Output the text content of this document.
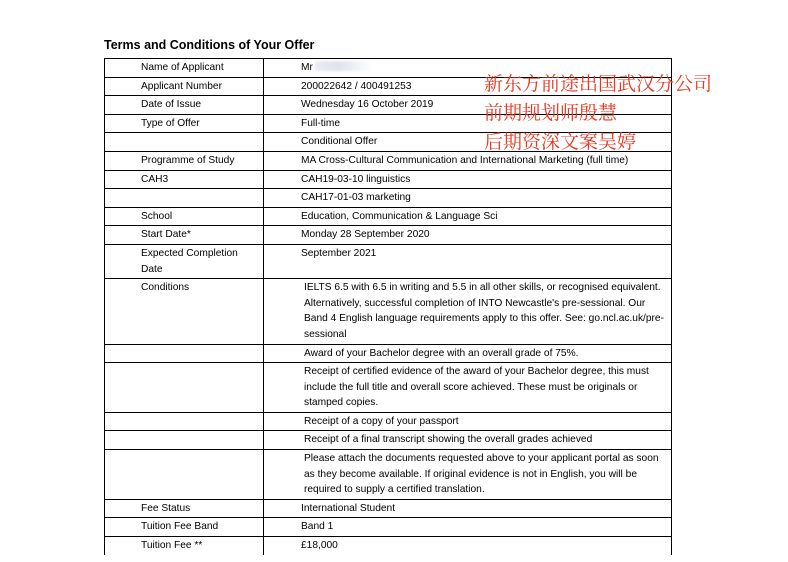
Terms and Conditions of Your Offer
Name of Applicant	Mr
Applicant Number	200022642 / 400491253
Date of Issue	Wednesday 16 October 2019
Type of Offer	Full-time
	Conditional Offer
Programme of Study	MA Cross-Cultural Communication and International Marketing (full time)
CAH3	CAH19-03-10 linguistics
	CAH17-01-03 marketing
School	Education, Communication & Language Sci
Start Date*	Monday 28 September 2020
Expected Completion Date	September 2021
Conditions	IELTS 6.5 with 6.5 in writing and 5.5 in all other skills, or recognised equivalent. Alternatively, successful completion of INTO Newcastle's pre-sessional. Our Band 4 English language requirements apply to this offer. See: go.ncl.ac.uk/pre-sessional
	Award of your Bachelor degree with an overall grade of 75%.
	Receipt of certified evidence of the award of your Bachelor degree, this must include the full title and overall score achieved. These must be originals or stamped copies.
	Receipt of a copy of your passport
	Receipt of a final transcript showing the overall grades achieved
	Please attach the documents requested above to your applicant portal as soon as they become available. If original evidence is not in English, you will be required to supply a certified translation.
Fee Status	International Student
Tuition Fee Band	Band 1
Tuition Fee **	£18,000
新东方前途出国武汉分公司
前期规划师殷慧
后期资深文案吴婷
